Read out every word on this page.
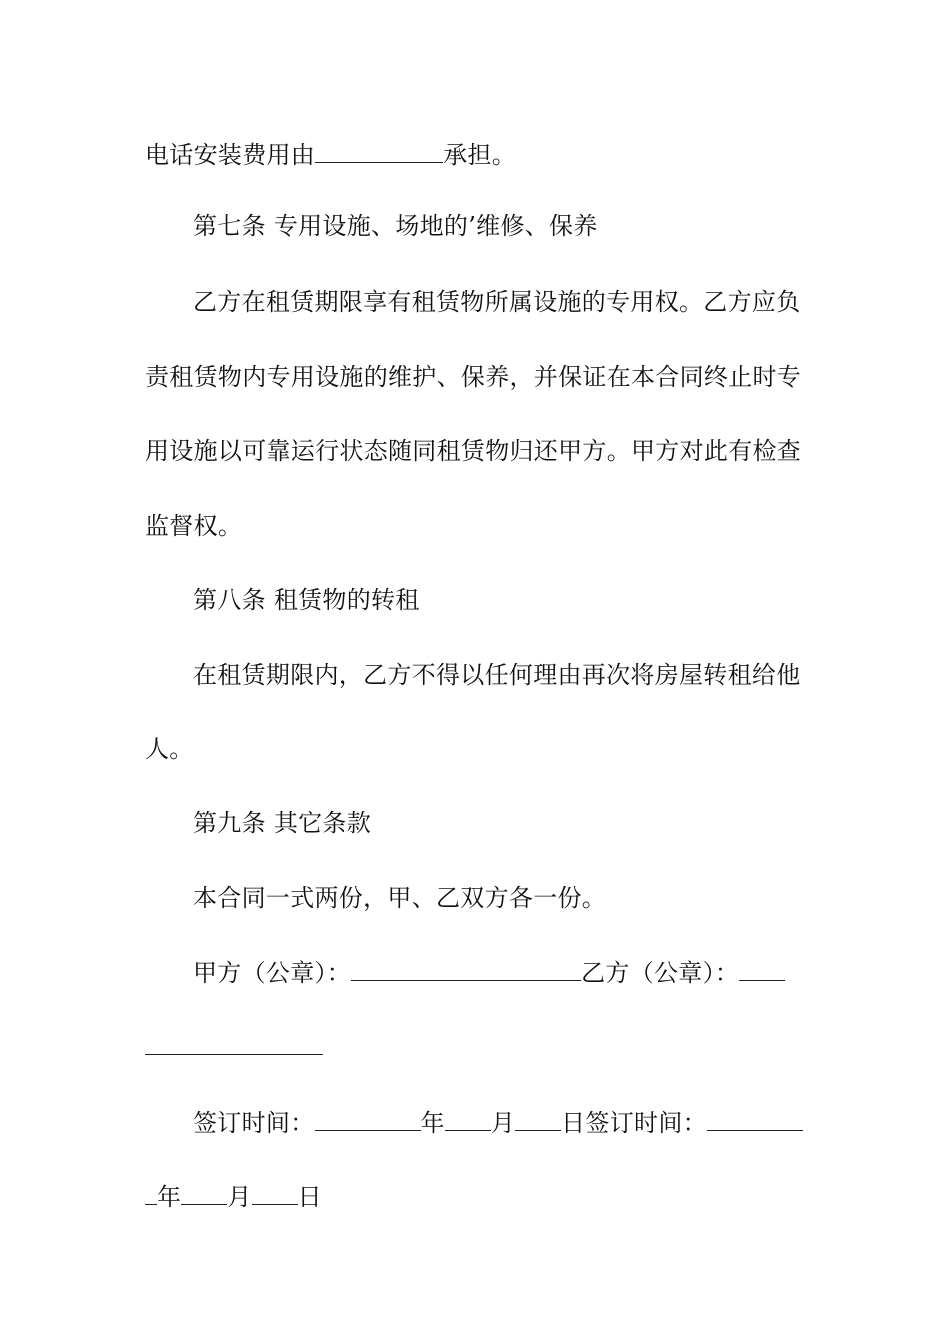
电话安装费用由	承担。
第七条 专用设施、场地的’维修、保养
乙方在租赁期限享有租赁物所属设施的专用权。乙方应负
责租赁物内专用设施的维护、保养，并保证在本合同终止时专
用设施以可靠运行状态随同租赁物归还甲方。甲方对此有检查
监督权。
第八条 租赁物的转租
在租赁期限内，乙方不得以任何理由再次将房屋转租给他
人。
第九条 其它条款
本合同一式两份，甲、乙双方各一份。
甲方（公章）：	乙方（公章）：
签订时间：	年 月 日签订时间：
年 月 日
